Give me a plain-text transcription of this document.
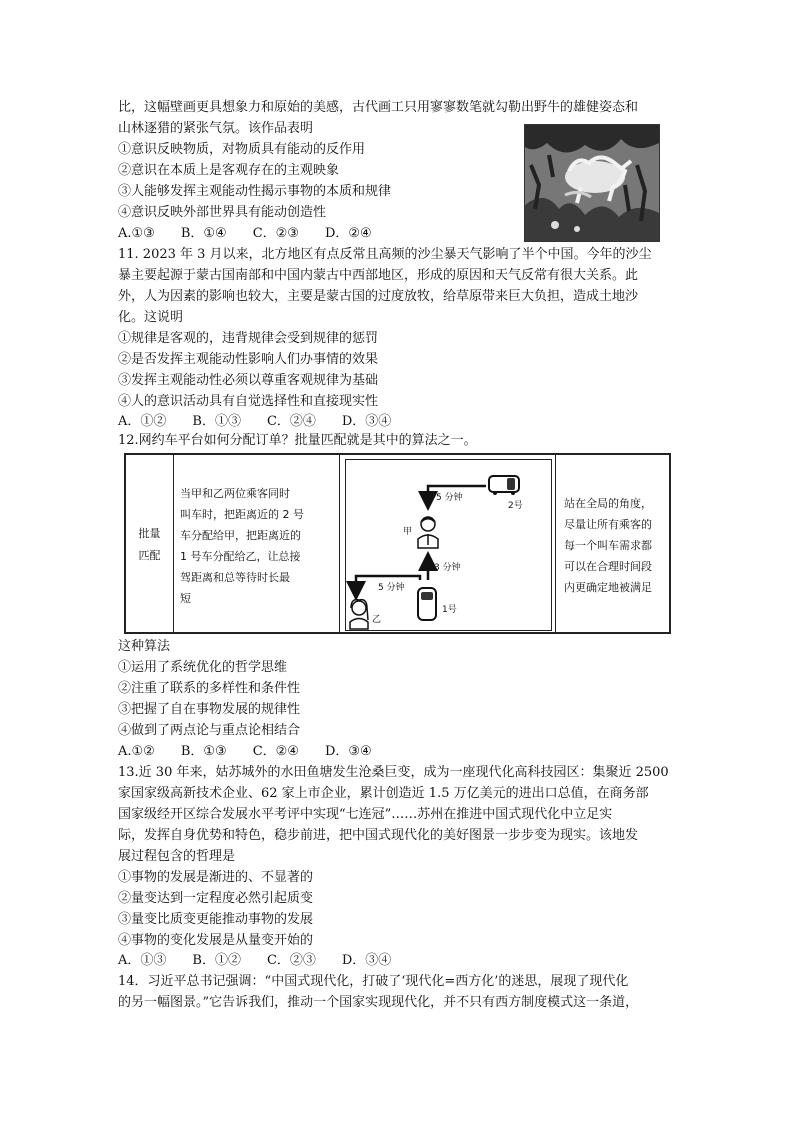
比，这幅壁画更具想象力和原始的美感，古代画工只用寥寥数笔就勾勒出野牛的雄健姿态和
山林逐猎的紧张气氛。该作品表明
①意识反映物质，对物质具有能动的反作用
②意识在本质上是客观存在的主观映象
③人能够发挥主观能动性揭示事物的本质和规律
④意识反映外部世界具有能动创造性
A.①③　　B．①④　　C．②③　　D．②④
11. 2023 年 3 月以来，北方地区有点反常且高频的沙尘暴天气影响了半个中国。今年的沙尘
暴主要起源于蒙古国南部和中国内蒙古中西部地区，形成的原因和天气反常有很大关系。此
外，人为因素的影响也较大，主要是蒙古国的过度放牧，给草原带来巨大负担，造成土地沙
化。这说明
①规律是客观的，违背规律会受到规律的惩罚
②是否发挥主观能动性影响人们办事情的效果
③发挥主观能动性必须以尊重客观规律为基础
④人的意识活动具有自觉选择性和直接现实性
A．①②　　B．①③　　C．②④　　D．③④
12.网约车平台如何分配订单？批量匹配就是其中的算法之一。
批量
匹配
当甲和乙两位乘客同时
叫车时，把距离近的 2 号
车分配给甲，把距离近的
1 号车分配给乙，让总接
驾距离和总等待时长最
短
2号
5 分钟
甲
3 分钟
5 分钟
1号
乙
站在全局的角度，
尽量让所有乘客的
每一个叫车需求都
可以在合理时间段
内更确定地被满足
这种算法
①运用了系统优化的哲学思维
②注重了联系的多样性和条件性
③把握了自在事物发展的规律性
④做到了两点论与重点论相结合
A.①②　　B．①③　　C．②④　　D．③④
13.近 30 年来，姑苏城外的水田鱼塘发生沧桑巨变，成为一座现代化高科技园区：集聚近 2500
家国家级高新技术企业、62 家上市企业，累计创造近 1.5 万亿美元的进出口总值，在商务部
国家级经开区综合发展水平考评中实现“七连冠”……苏州在推进中国式现代化中立足实
际，发挥自身优势和特色，稳步前进，把中国式现代化的美好图景一步步变为现实。该地发
展过程包含的哲理是
①事物的发展是渐进的、不显著的
②量变达到一定程度必然引起质变
③量变比质变更能推动事物的发展
④事物的变化发展是从量变开始的
A．①③　　B．①②　　C．②③　　D．③④
14．习近平总书记强调：“中国式现代化，打破了‘现代化=西方化’的迷思，展现了现代化
的另一幅图景。”它告诉我们，推动一个国家实现现代化，并不只有西方制度模式这一条道，
